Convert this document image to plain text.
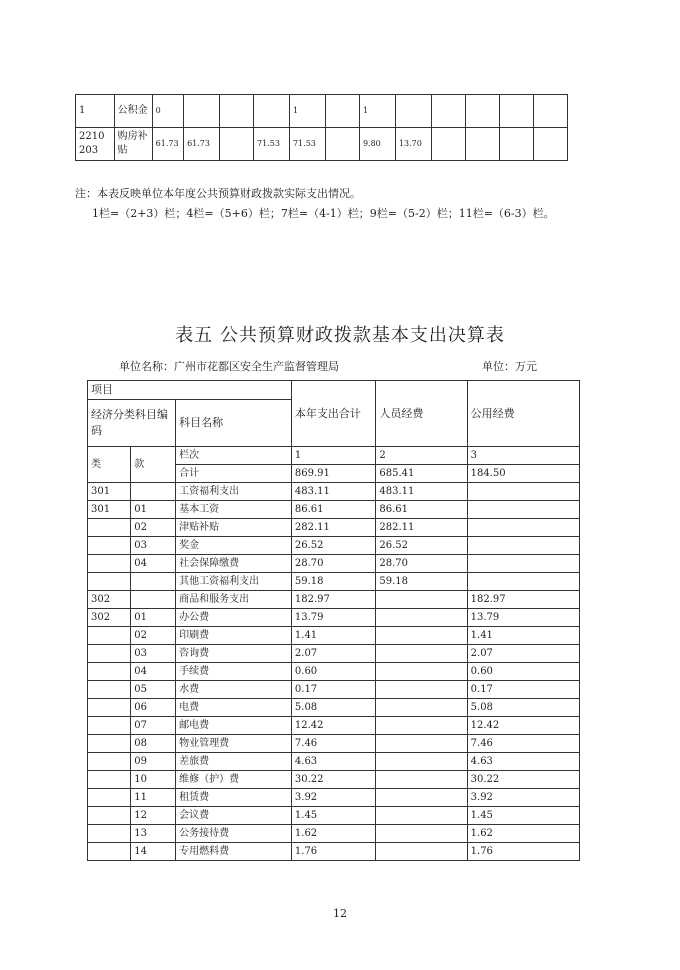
1	公积金	0				1		1					
2210203	购房补贴	61.73	61.73		71.53	71.53		9.80	13.70				
注：本表反映单位本年度公共预算财政拨款实际支出情况。
1栏=（2+3）栏；4栏=（5+6）栏；7栏=（4-1）栏；9栏=（5-2）栏；11栏=（6-3）栏。
表五 公共预算财政拨款基本支出决算表
单位名称：广州市花都区安全生产监督管理局	单位：万元
项目			本年支出合计	人员经费	公用经费
经济分类科目编码		科目名称			

类	款	栏次	1	2	3
		合计	869.91	685.41	184.50
301		工资福利支出	483.11	483.11	
301	01	基本工资	86.61	86.61	
	02	津贴补贴	282.11	282.11	
	03	奖金	26.52	26.52	
	04	社会保障缴费	28.70	28.70	
		其他工资福利支出	59.18	59.18	
302		商品和服务支出	182.97		182.97
302	01	办公费	13.79		13.79
	02	印刷费	1.41		1.41
	03	咨询费	2.07		2.07
	04	手续费	0.60		0.60
	05	水费	0.17		0.17
	06	电费	5.08		5.08
	07	邮电费	12.42		12.42
	08	物业管理费	7.46		7.46
	09	差旅费	4.63		4.63
	10	维修（护）费	30.22		30.22
	11	租赁费	3.92		3.92
	12	会议费	1.45		1.45
	13	公务接待费	1.62		1.62
	14	专用燃料费	1.76		1.76
12
